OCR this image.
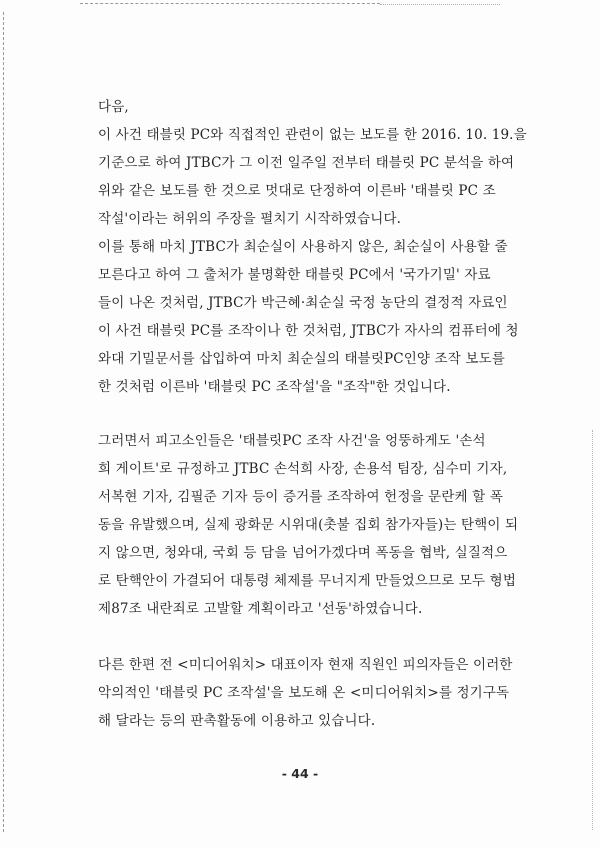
다음,
이 사건 태블릿 PC와 직접적인 관련이 없는 보도를 한 2016. 10. 19.을
기준으로 하여 JTBC가 그 이전 일주일 전부터 태블릿 PC 분석을 하여
위와 같은 보도를 한 것으로 멋대로 단정하여 이른바 '태블릿 PC 조
작설'이라는 허위의 주장을 펼치기 시작하였습니다.
이를 통해 마치 JTBC가 최순실이 사용하지 않은, 최순실이 사용할 줄
모른다고 하여 그 출처가 불명확한 태블릿 PC에서 '국가기밀' 자료
들이 나온 것처럼, JTBC가 박근혜·최순실 국정 농단의 결정적 자료인
이 사건 태블릿 PC를 조작이나 한 것처럼, JTBC가 자사의 컴퓨터에 청
와대 기밀문서를 삽입하여 마치 최순실의 태블릿PC인양 조작 보도를
한 것처럼 이른바 '태블릿 PC 조작설'을 "조작"한 것입니다.
그러면서 피고소인들은 '태블릿PC 조작 사건'을 엉뚱하게도 '손석
희 게이트'로 규정하고 JTBC 손석희 사장, 손용석 팀장, 심수미 기자,
서복현 기자, 김필준 기자 등이 증거를 조작하여 헌정을 문란케 할 폭
동을 유발했으며, 실제 광화문 시위대(촛불 집회 참가자들)는 탄핵이 되
지 않으면, 청와대, 국회 등 담을 넘어가겠다며 폭동을 협박, 실질적으
로 탄핵안이 가결되어 대통령 체제를 무너지게 만들었으므로 모두 형법
제87조 내란죄로 고발할 계획이라고 '선동'하였습니다.
다른 한편 전 <미디어워치> 대표이자 현재 직원인 피의자들은 이러한
악의적인 '태블릿 PC 조작설'을 보도해 온 <미디어워치>를 정기구독
해 달라는 등의 판촉활동에 이용하고 있습니다.
- 44 -
